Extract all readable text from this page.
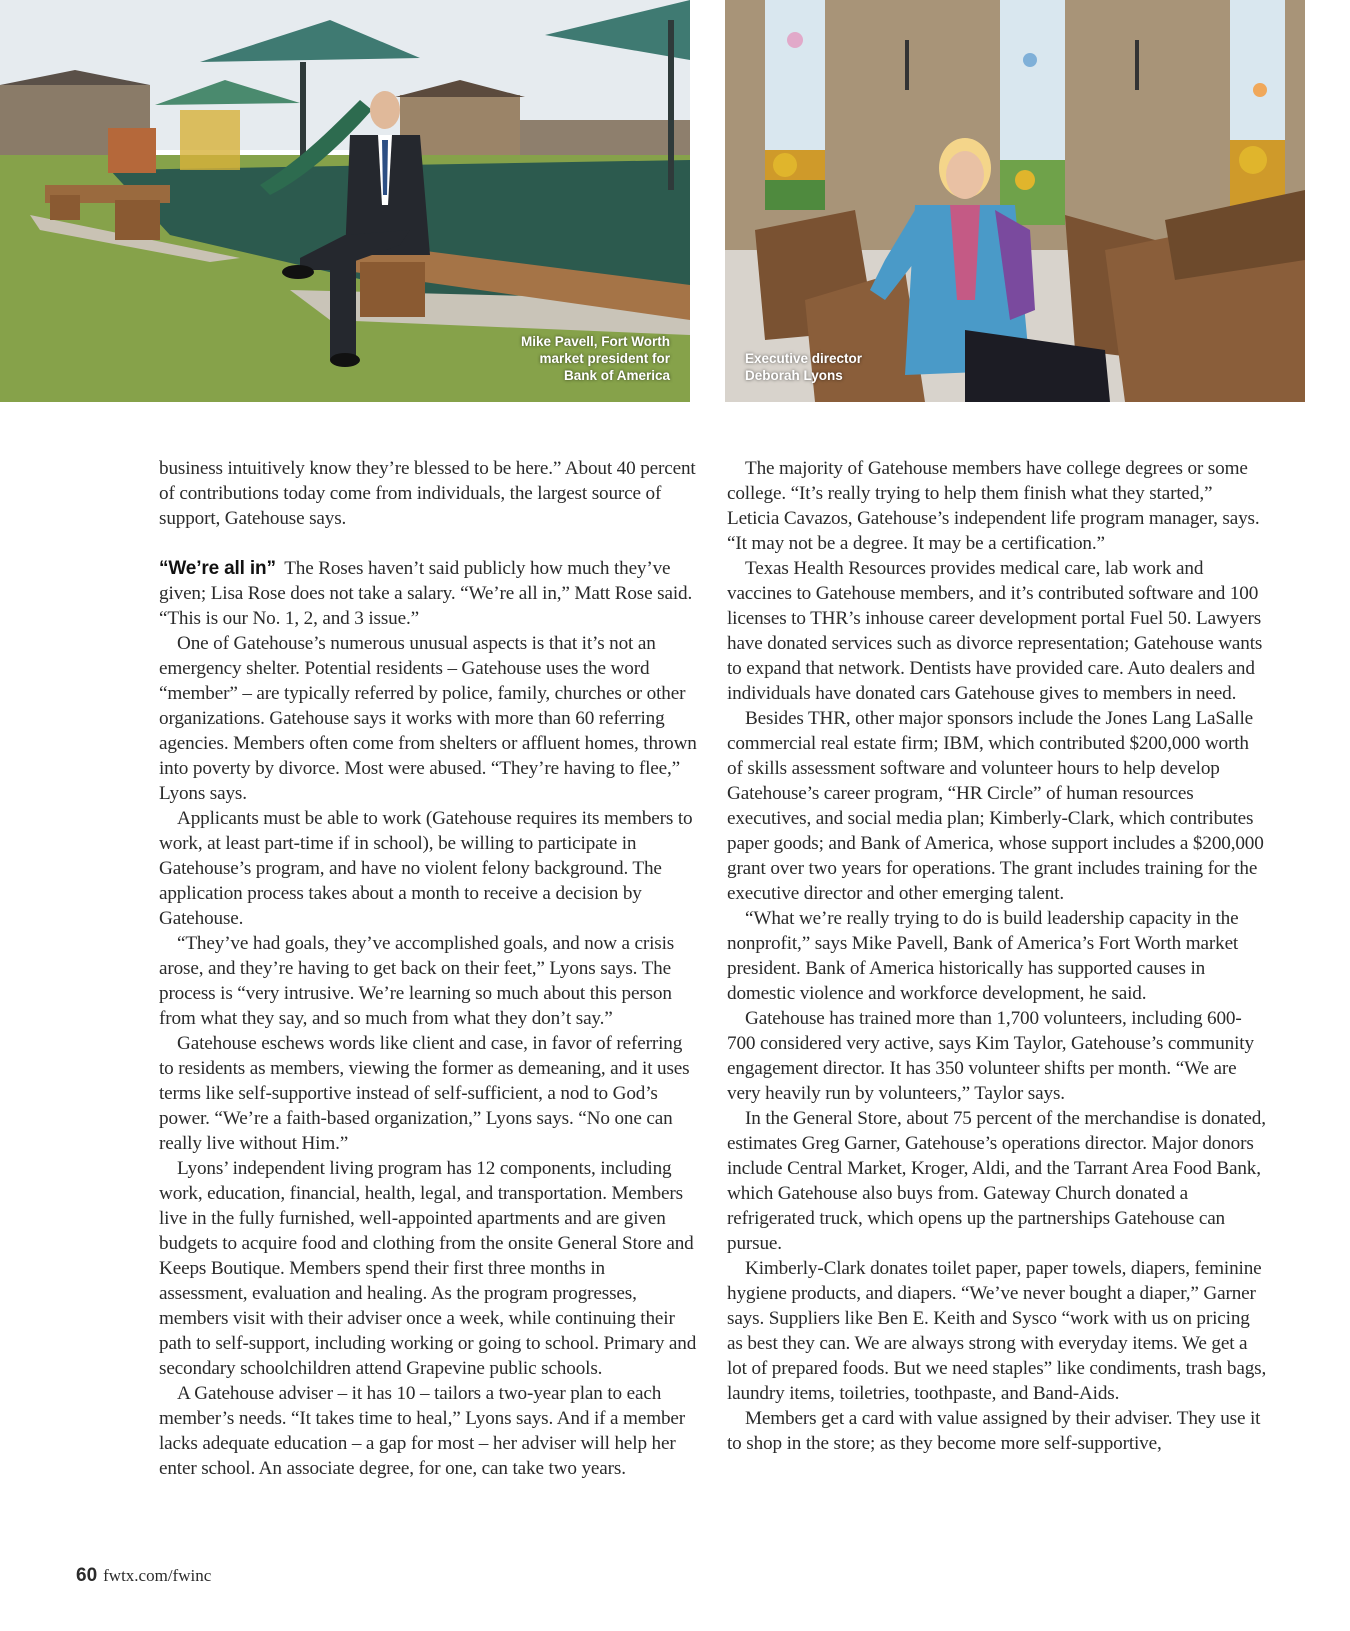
Mike Pavell, Fort Worth
market president for
Bank of America
Executive director
Deborah Lyons

business intuitively know they’re blessed to be here.” About 40 percent of contributions today come from individuals, the largest source of support, Gatehouse says.

“We’re all in” The Roses haven’t said publicly how much they’ve given; Lisa Rose does not take a salary. “We’re all in,” Matt Rose said. “This is our No. 1, 2, and 3 issue.”

One of Gatehouse’s numerous unusual aspects is that it’s not an emergency shelter. Potential residents – Gatehouse uses the word “member” – are typically referred by police, family, churches or other organizations. Gatehouse says it works with more than 60 referring agencies. Members often come from shelters or affluent homes, thrown into poverty by divorce. Most were abused. “They’re having to flee,” Lyons says.

Applicants must be able to work (Gatehouse requires its members to work, at least part-time if in school), be willing to participate in Gatehouse’s program, and have no violent felony background. The application process takes about a month to receive a decision by Gatehouse.

“They’ve had goals, they’ve accomplished goals, and now a crisis arose, and they’re having to get back on their feet,” Lyons says. The process is “very intrusive. We’re learning so much about this person from what they say, and so much from what they don’t say.”

Gatehouse eschews words like client and case, in favor of referring to residents as members, viewing the former as demeaning, and it uses terms like self-supportive instead of self-sufficient, a nod to God’s power. “We’re a faith-based organization,” Lyons says. “No one can really live without Him.”

Lyons’ independent living program has 12 components, including work, education, financial, health, legal, and transportation. Members live in the fully furnished, well-appointed apartments and are given budgets to acquire food and clothing from the onsite General Store and Keeps Boutique. Members spend their first three months in assessment, evaluation and healing. As the program progresses, members visit with their adviser once a week, while continuing their path to self-support, including working or going to school. Primary and secondary schoolchildren attend Grapevine public schools.

A Gatehouse adviser – it has 10 – tailors a two-year plan to each member’s needs. “It takes time to heal,” Lyons says. And if a member lacks adequate education – a gap for most – her adviser will help her enter school. An associate degree, for one, can take two years.

The majority of Gatehouse members have college degrees or some college. “It’s really trying to help them finish what they started,” Leticia Cavazos, Gatehouse’s independent life program manager, says. “It may not be a degree. It may be a certification.”

Texas Health Resources provides medical care, lab work and vaccines to Gatehouse members, and it’s contributed software and 100 licenses to THR’s inhouse career development portal Fuel 50. Lawyers have donated services such as divorce representation; Gatehouse wants to expand that network. Dentists have provided care. Auto dealers and individuals have donated cars Gatehouse gives to members in need.

Besides THR, other major sponsors include the Jones Lang LaSalle commercial real estate firm; IBM, which contributed $200,000 worth of skills assessment software and volunteer hours to help develop Gatehouse’s career program, “HR Circle” of human resources executives, and social media plan; Kimberly-Clark, which contributes paper goods; and Bank of America, whose support includes a $200,000 grant over two years for operations. The grant includes training for the executive director and other emerging talent.

“What we’re really trying to do is build leadership capacity in the nonprofit,” says Mike Pavell, Bank of America’s Fort Worth market president. Bank of America historically has supported causes in domestic violence and workforce development, he said.

Gatehouse has trained more than 1,700 volunteers, including 600-700 considered very active, says Kim Taylor, Gatehouse’s community engagement director. It has 350 volunteer shifts per month. “We are very heavily run by volunteers,” Taylor says.

In the General Store, about 75 percent of the merchandise is donated, estimates Greg Garner, Gatehouse’s operations director. Major donors include Central Market, Kroger, Aldi, and the Tarrant Area Food Bank, which Gatehouse also buys from. Gateway Church donated a refrigerated truck, which opens up the partnerships Gatehouse can pursue.

Kimberly-Clark donates toilet paper, paper towels, diapers, feminine hygiene products, and diapers. “We’ve never bought a diaper,” Garner says. Suppliers like Ben E. Keith and Sysco “work with us on pricing as best they can. We are always strong with everyday items. We get a lot of prepared foods. But we need staples” like condiments, trash bags, laundry items, toiletries, toothpaste, and Band-Aids.

Members get a card with value assigned by their adviser. They use it to shop in the store; as they become more self-supportive,

60 fwtx.com/fwinc
